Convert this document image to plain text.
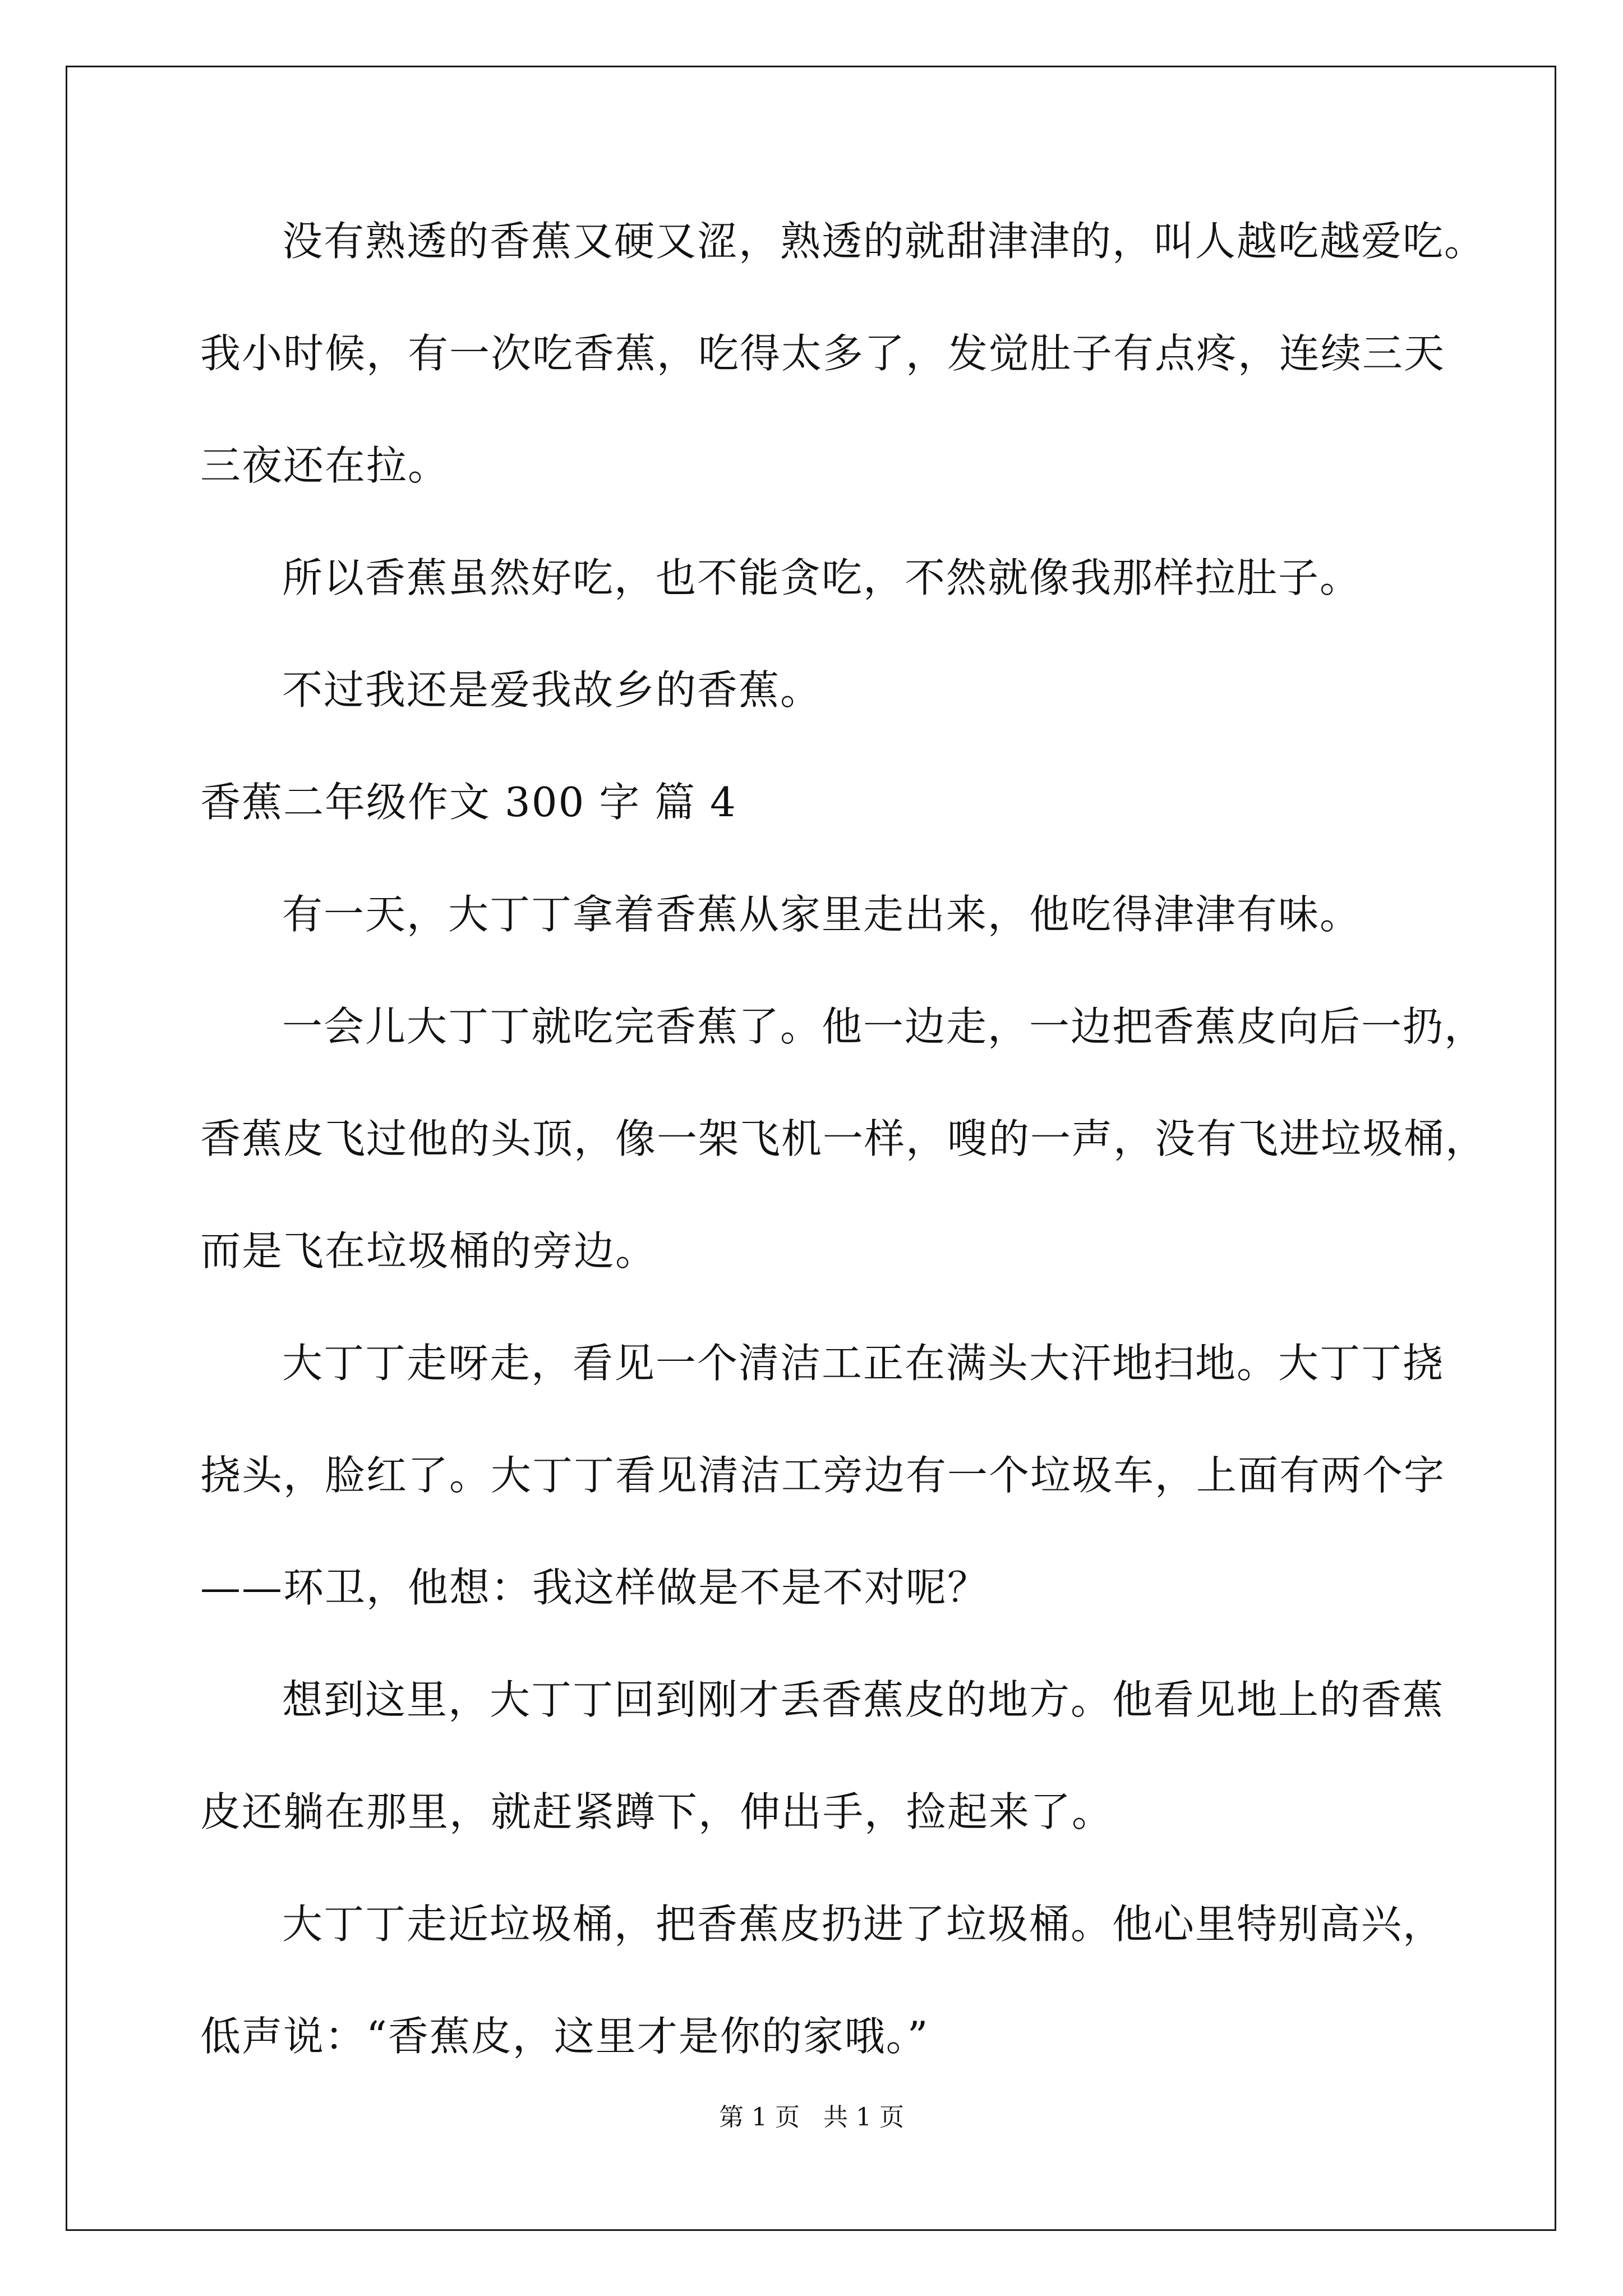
没有熟透的香蕉又硬又涩，熟透的就甜津津的，叫人越吃越爱吃。
我小时候，有一次吃香蕉，吃得太多了，发觉肚子有点疼，连续三天
三夜还在拉。
所以香蕉虽然好吃，也不能贪吃，不然就像我那样拉肚子。
不过我还是爱我故乡的香蕉。
香蕉二年级作文 300 字 篇 4
有一天，大丁丁拿着香蕉从家里走出来，他吃得津津有味。
一会儿大丁丁就吃完香蕉了。他一边走，一边把香蕉皮向后一扔，
香蕉皮飞过他的头顶，像一架飞机一样，嗖的一声，没有飞进垃圾桶，
而是飞在垃圾桶的旁边。
大丁丁走呀走，看见一个清洁工正在满头大汗地扫地。大丁丁挠
挠头，脸红了。大丁丁看见清洁工旁边有一个垃圾车，上面有两个字
——环卫，他想：我这样做是不是不对呢？
想到这里，大丁丁回到刚才丢香蕉皮的地方。他看见地上的香蕉
皮还躺在那里，就赶紧蹲下，伸出手，捡起来了。
大丁丁走近垃圾桶，把香蕉皮扔进了垃圾桶。他心里特别高兴，
低声说：“香蕉皮，这里才是你的家哦。”
第 1 页 共 1 页
